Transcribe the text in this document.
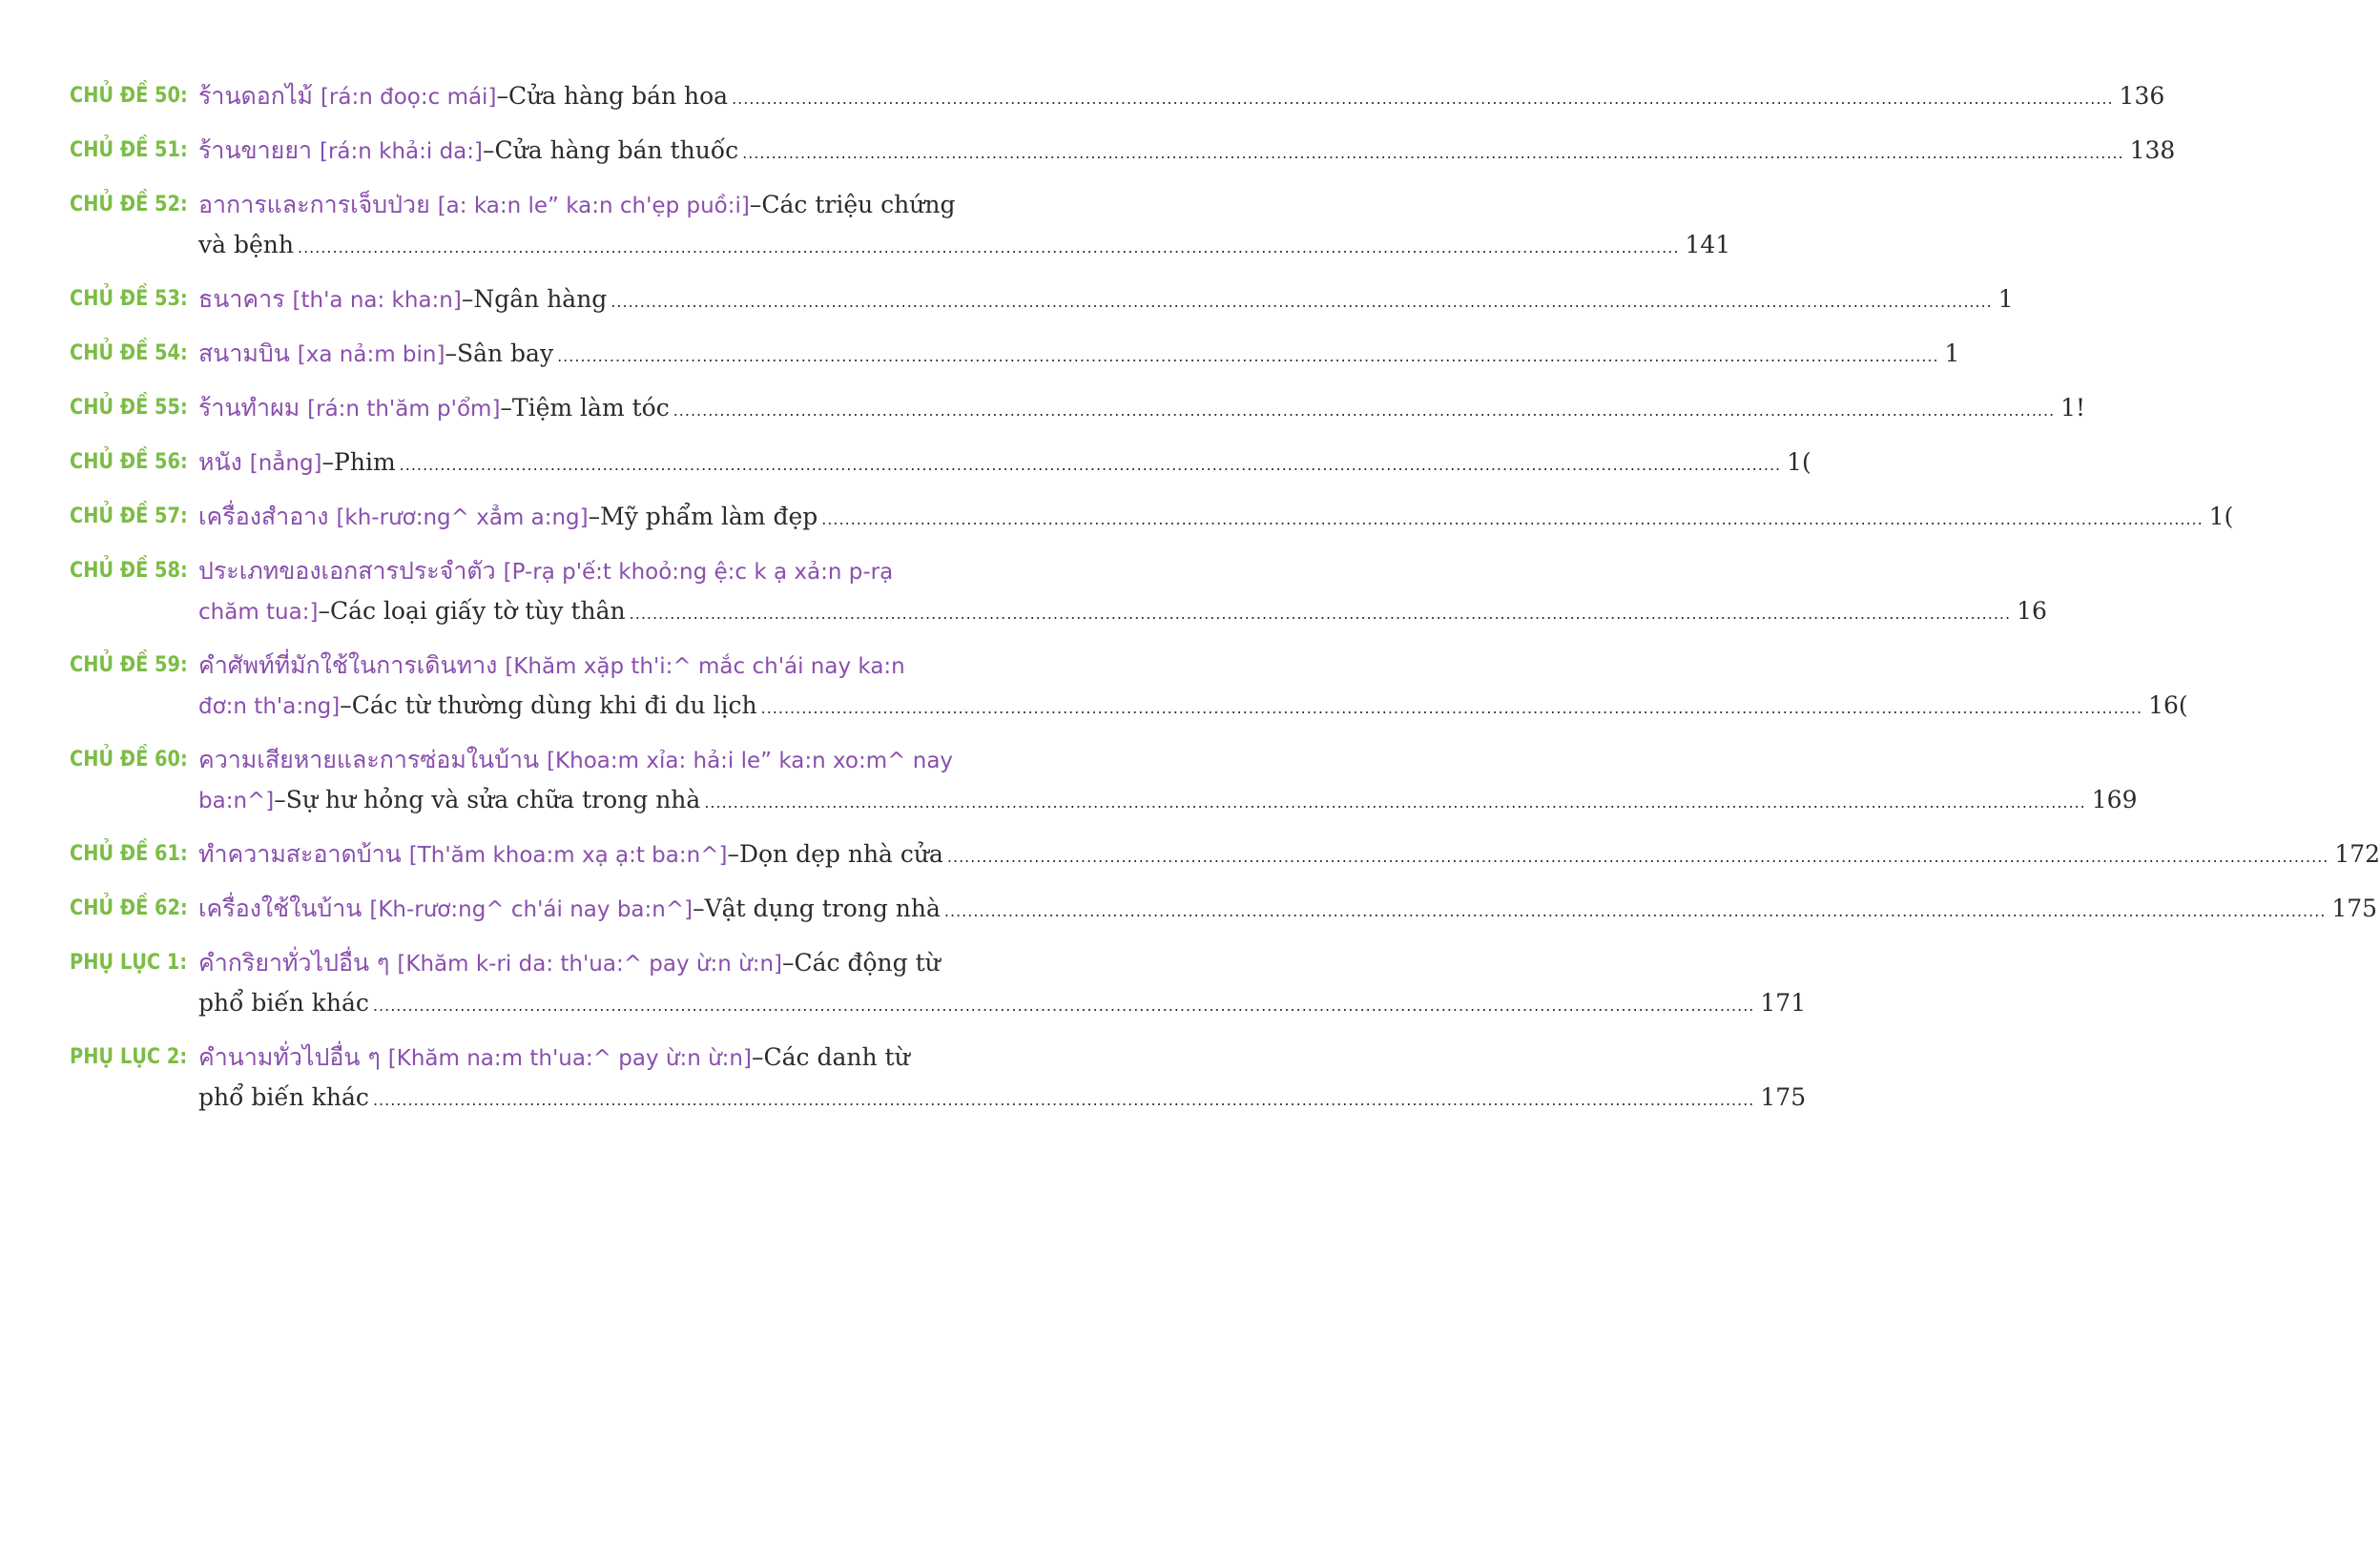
CHỦ ĐỀ 50: ร้านดอกไม้
[rá:n đoọ:c mái] – Cửa hàng bán hoa .............................................................................................................................................................................................................................................. 136
CHỦ ĐỀ 51: ร้านขายยา
[rá:n khả:i da:] – Cửa hàng bán thuốc .............................................................................................................................................................................................................................................. 138
CHỦ ĐỀ 52: อาการและการเจ็บป่วย
[a: ka:n le” ka:n ch'ẹp puồ:i] – Các triệu chứng
và bệnh .............................................................................................................................................................................................................................................. 141
CHỦ ĐỀ 53: ธนาคาร
[th'a na: kha:n] – Ngân hàng .............................................................................................................................................................................................................................................. 1
CHỦ ĐỀ 54: สนามบิน
[xa nả:m bin] – Sân bay .............................................................................................................................................................................................................................................. 1
CHỦ ĐỀ 55: ร้านทำผม
[rá:n th'ăm p'ổm] – Tiệm làm tóc .............................................................................................................................................................................................................................................. 1!
CHỦ ĐỀ 56: หนัง
[nẳng] – Phim .............................................................................................................................................................................................................................................. 1(
CHỦ ĐỀ 57: เครื่องสำอาง
[kh-rươ:ng^ xẳm a:ng] – Mỹ phẩm làm đẹp .............................................................................................................................................................................................................................................. 1(
CHỦ ĐỀ 58: ประเภทของเอกสารประจำตัว
[P-rạ p'ế:t khoỏ:ng ệ:c k ạ xả:n p-rạ
chăm tua:] – Các loại giấy tờ tùy thân .............................................................................................................................................................................................................................................. 16
CHỦ ĐỀ 59: คำศัพท์ที่มักใช้ในการเดินทาง
[Khăm xặp th'i:^ mắc ch'ái nay ka:n
đơ:n th'a:ng] – Các từ thường dùng khi đi du lịch .............................................................................................................................................................................................................................................. 16(
CHỦ ĐỀ 60: ความเสียหายและการซ่อมในบ้าน
[Khoa:m xỉa: hả:i le” ka:n xo:m^ nay
ba:n^] – Sự hư hỏng và sửa chữa trong nhà .............................................................................................................................................................................................................................................. 169
CHỦ ĐỀ 61: ทำความสะอาดบ้าน
[Th'ăm khoa:m xạ ạ:t ba:n^] – Dọn dẹp nhà cửa .............................................................................................................................................................................................................................................. 172
CHỦ ĐỀ 62: เครื่องใช้ในบ้าน
[Kh-rươ:ng^ ch'ái nay ba:n^] – Vật dụng trong nhà .............................................................................................................................................................................................................................................. 175
PHỤ LỤC 1: คำกริยาทั่วไปอื่น ๆ
[Khăm k-ri da: th'ua:^ pay ừ:n ừ:n] – Các động từ
phổ biến khác .............................................................................................................................................................................................................................................. 171
PHỤ LỤC 2: คำนามทั่วไปอื่น ๆ
[Khăm na:m th'ua:^ pay ừ:n ừ:n] – Các danh từ
phổ biến khác .............................................................................................................................................................................................................................................. 175
